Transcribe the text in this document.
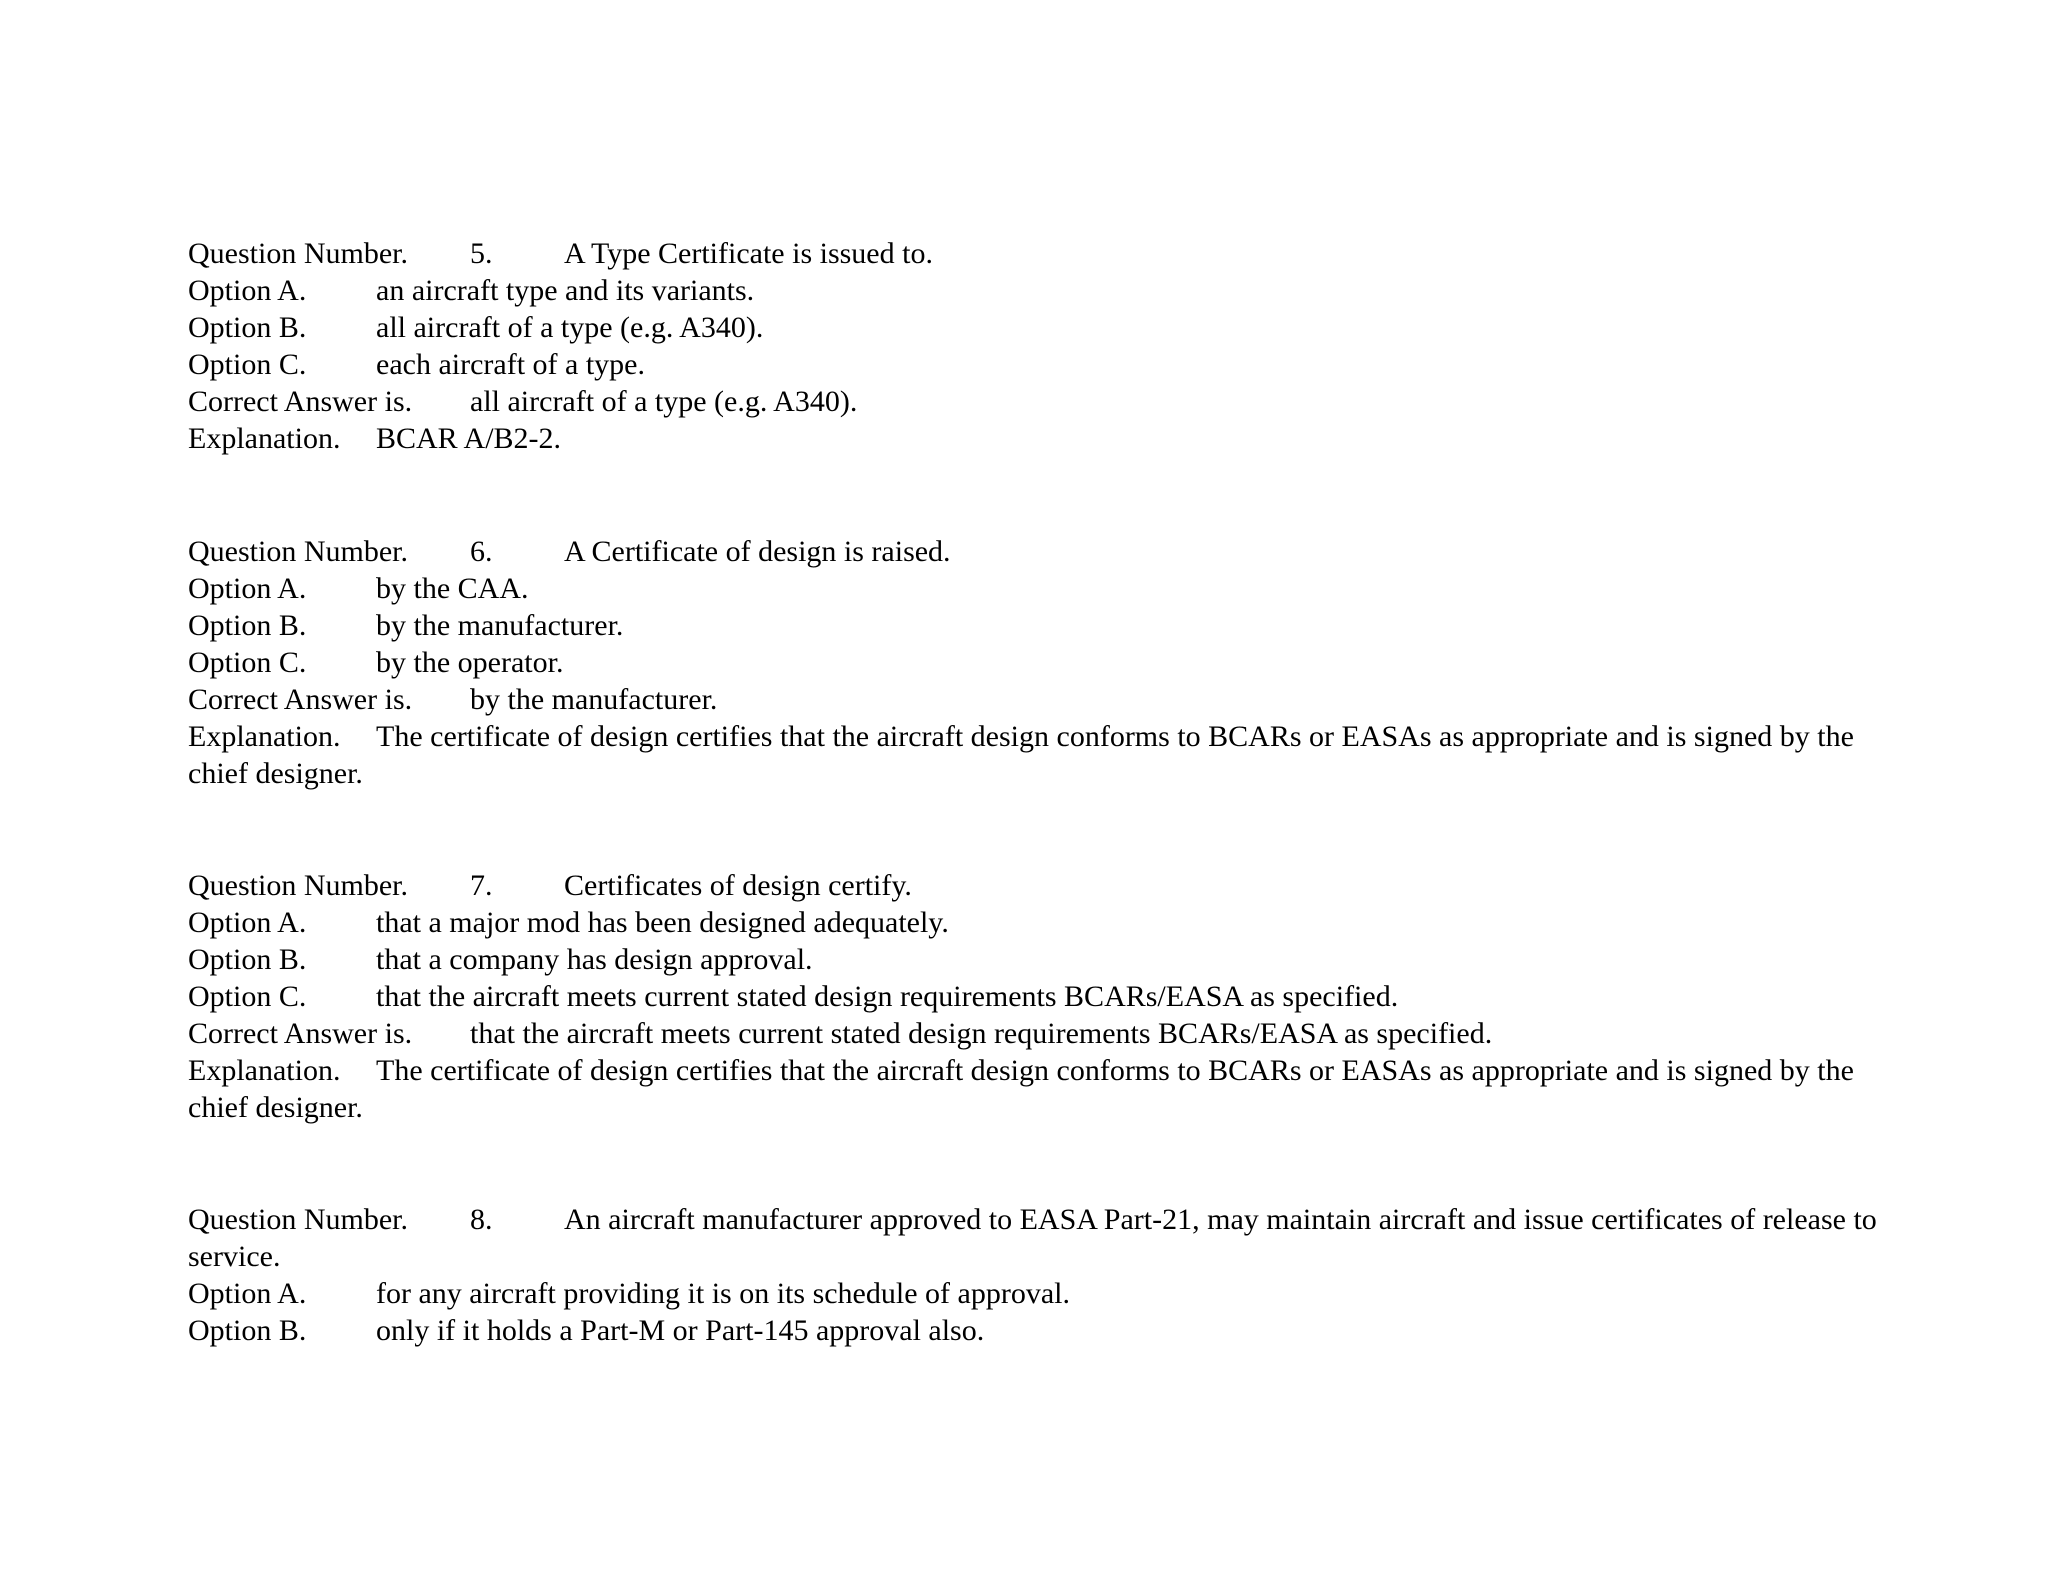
Question Number. 5. A Type Certificate is issued to.
Option A. an aircraft type and its variants.
Option B. all aircraft of a type (e.g. A340).
Option C. each aircraft of a type.
Correct Answer is. all aircraft of a type (e.g. A340).
Explanation. BCAR A/B2-2.
Question Number. 6. A Certificate of design is raised.
Option A. by the CAA.
Option B. by the manufacturer.
Option C. by the operator.
Correct Answer is. by the manufacturer.
Explanation. The certificate of design certifies that the aircraft design conforms to BCARs or EASAs as appropriate and is signed by the chief designer.
Question Number. 7. Certificates of design certify.
Option A. that a major mod has been designed adequately.
Option B. that a company has design approval.
Option C. that the aircraft meets current stated design requirements BCARs/EASA as specified.
Correct Answer is. that the aircraft meets current stated design requirements BCARs/EASA as specified.
Explanation. The certificate of design certifies that the aircraft design conforms to BCARs or EASAs as appropriate and is signed by the chief designer.
Question Number. 8. An aircraft manufacturer approved to EASA Part-21, may maintain aircraft and issue certificates of release to service.
Option A. for any aircraft providing it is on its schedule of approval.
Option B. only if it holds a Part-M or Part-145 approval also.
